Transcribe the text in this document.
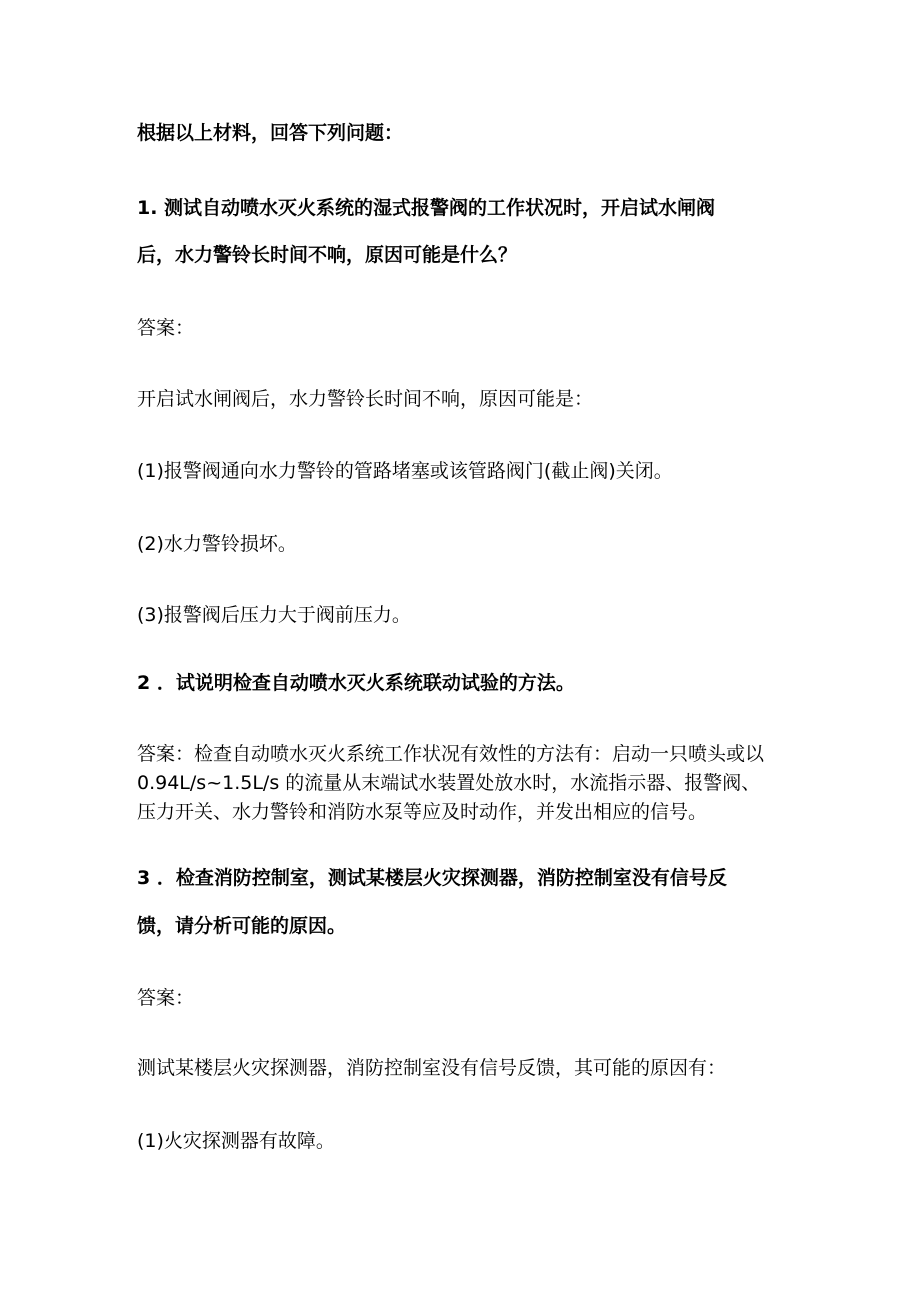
根据以上材料，回答下列问题：
1. 测试自动喷水灭火系统的湿式报警阀的工作状况时，开启试水闸阀
后，水力警铃长时间不响，原因可能是什么？
答案：
开启试水闸阀后，水力警铃长时间不响，原因可能是：
(1)报警阀通向水力警铃的管路堵塞或该管路阀门(截止阀)关闭。
(2)水力警铃损坏。
(3)报警阀后压力大于阀前压力。
2 ．试说明检查自动喷水灭火系统联动试验的方法。
答案：检查自动喷水灭火系统工作状况有效性的方法有：启动一只喷头或以
0.94L/s~1.5L/s 的流量从末端试水装置处放水时，水流指示器、报警阀、
压力开关、水力警铃和消防水泵等应及时动作，并发出相应的信号。
3 ．检查消防控制室，测试某楼层火灾探测器，消防控制室没有信号反
馈，请分析可能的原因。
答案：
测试某楼层火灾探测器，消防控制室没有信号反馈，其可能的原因有：
(1)火灾探测器有故障。
